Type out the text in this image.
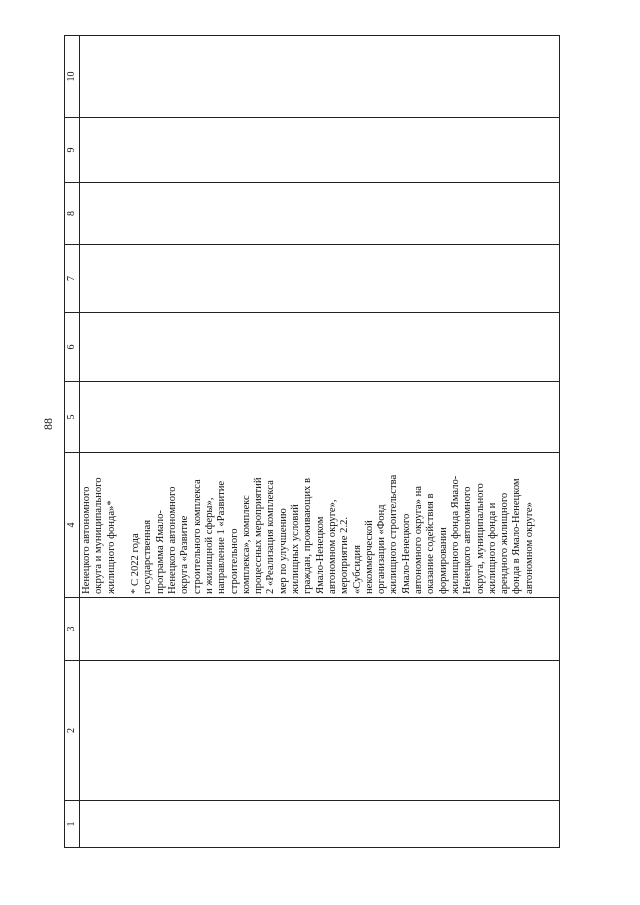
88
1
2
3
4
5
6
7
8
9
10
Ненецкого автономного
округа и муниципального
жилищного фонда»*

* С 2022 года
государственная
программа Ямало-
Ненецкого автономного
округа «Развитие
строительного комплекса
и жилищной сферы»,
направление 1 «Развитие
строительного
комплекса», комплекс
процессных мероприятий
2 «Реализация комплекса
мер по улучшению
жилищных условий
граждан, проживающих в
Ямало-Ненецком
автономном округе»,
мероприятие 2.2.
«Субсидия
некоммерческой
организации «Фонд
жилищного строительства
Ямало-Ненецкого
автономного округа» на
оказание содействия в
формировании
жилищного фонда Ямало-
Ненецкого автономного
округа, муниципального
жилищного фонда и
арендного жилищного
фонда в Ямало-Ненецком
автономном округе»
